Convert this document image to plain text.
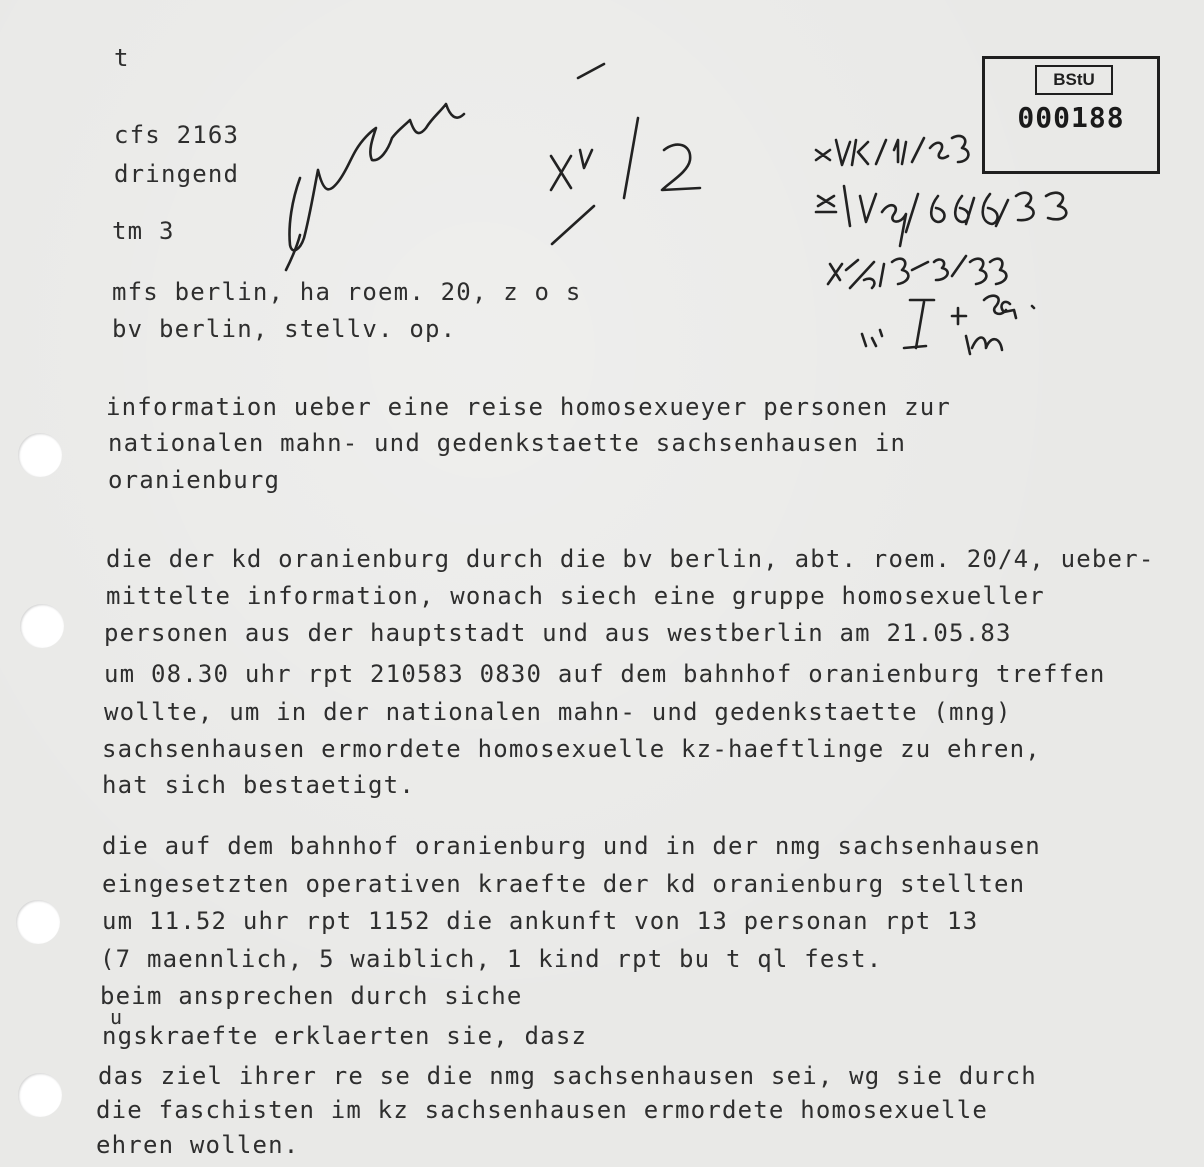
t
cfs 2163
dringend
tm 3
mfs berlin, ha roem. 20, z o s
bv berlin, stellv. op.
information ueber eine reise homosexueyer personen zur
nationalen mahn- und gedenkstaette sachsenhausen in
oranienburg
die der kd oranienburg durch die bv berlin, abt. roem. 20/4, ueber-
mittelte information, wonach siech eine gruppe homosexueller
personen aus der hauptstadt und aus westberlin am 21.05.83
um 08.30 uhr rpt 210583 0830 auf dem bahnhof oranienburg treffen
wollte, um in der nationalen mahn- und gedenkstaette (mng)
sachsenhausen ermordete homosexuelle kz-haeftlinge zu ehren,
hat sich bestaetigt.
die auf dem bahnhof oranienburg und in der nmg sachsenhausen
eingesetzten operativen kraefte der kd oranienburg stellten
um 11.52 uhr rpt 1152 die ankunft von 13 personan rpt 13
(7 maennlich, 5 waiblich, 1 kind rpt bu t ql fest.
beim ansprechen durch siche
u
ngskraefte erklaerten sie, dasz
das ziel ihrer re se die nmg sachsenhausen sei, wg sie durch
die faschisten im kz sachsenhausen ermordete homosexuelle
ehren wollen.
BStU
000188
